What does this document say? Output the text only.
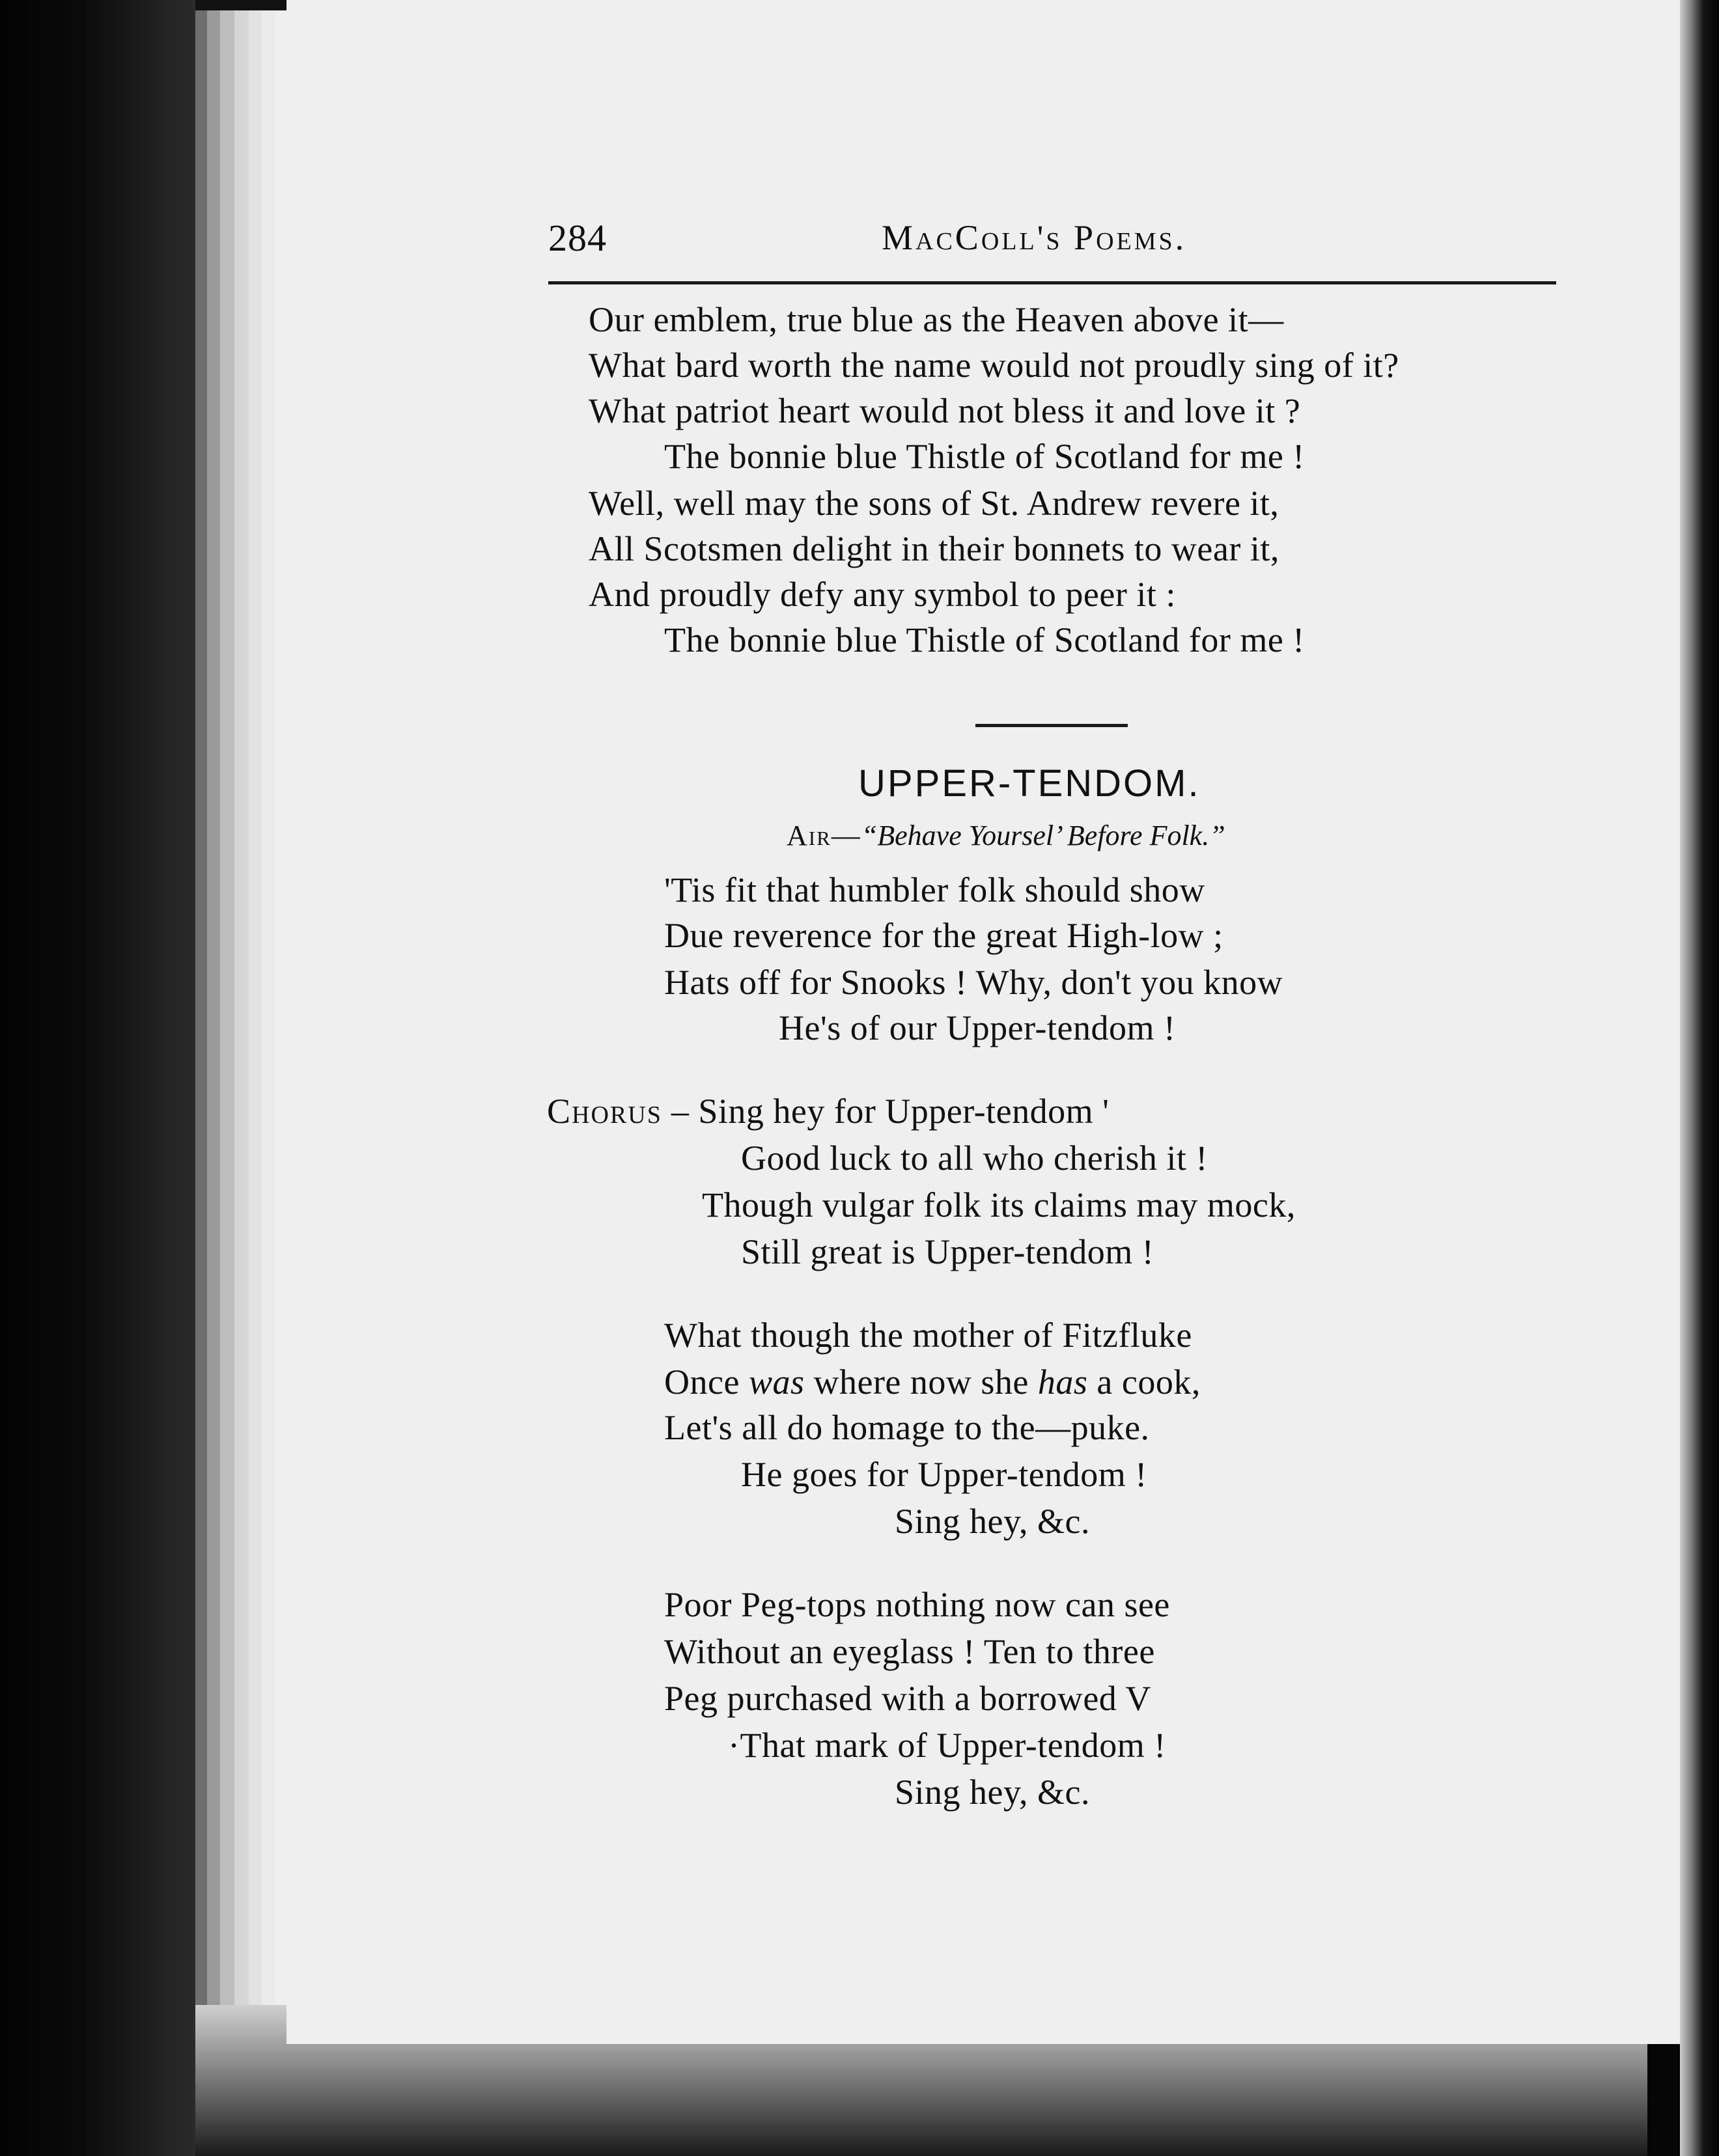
284	MacColl's Poems.
Our emblem, true blue as the Heaven above it—
What bard worth the name would not proudly sing of it?
What patriot heart would not bless it and love it ?
The bonnie blue Thistle of Scotland for me !
Well, well may the sons of St. Andrew revere it,
All Scotsmen delight in their bonnets to wear it,
And proudly defy any symbol to peer it :
The bonnie blue Thistle of Scotland for me !
UPPER-TENDOM.
Air—“Behave Yoursel’ Before Folk.”
'Tis fit that humbler folk should show
Due reverence for the great High-low ;
Hats off for Snooks ! Why, don't you know
He's of our Upper-tendom !
Chorus – Sing hey for Upper-tendom '
Good luck to all who cherish it !
Though vulgar folk its claims may mock,
Still great is Upper-tendom !
What though the mother of Fitzfluke
Once was where now she has a cook,
Let's all do homage to the—puke.
He goes for Upper-tendom !
Sing hey, &c.
Poor Peg-tops nothing now can see
Without an eyeglass ! Ten to three
Peg purchased with a borrowed V
·That mark of Upper-tendom !
Sing hey, &c.
